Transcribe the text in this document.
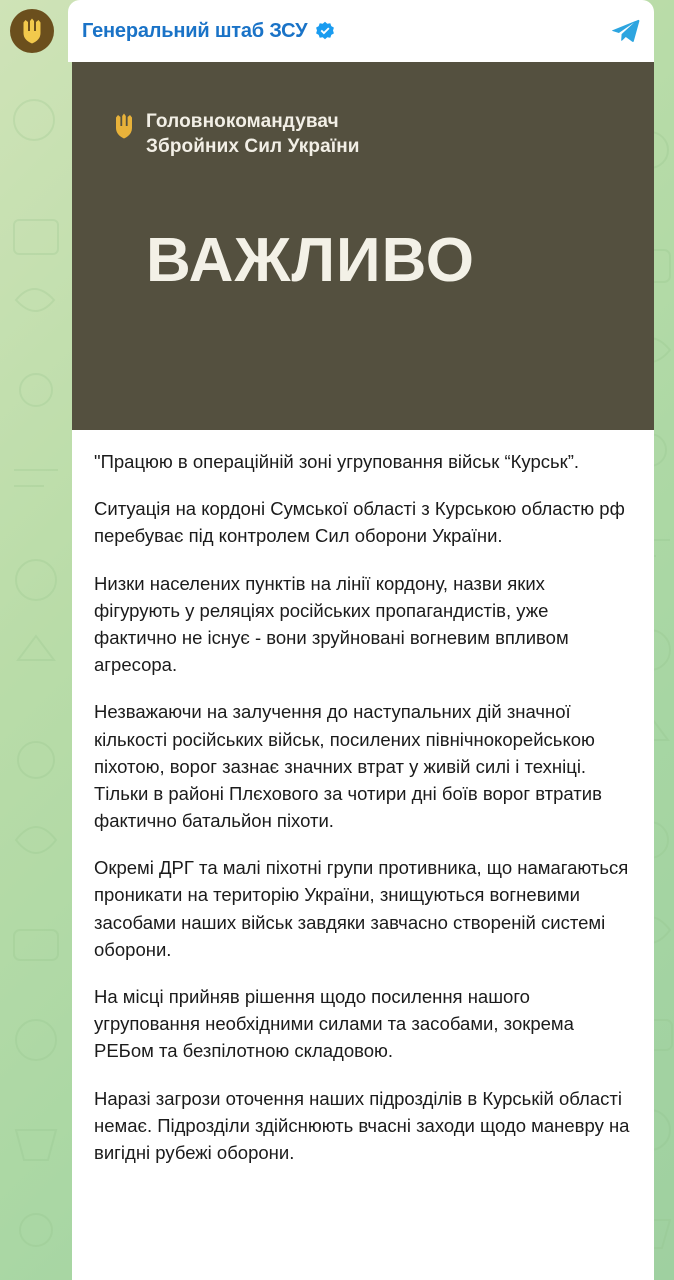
Генеральний штаб ЗСУ
Головнокомандувач
Збройних Сил України
ВАЖЛИВО

"Працюю в операційній зоні угруповання військ “Курськ”.

Ситуація на кордоні Сумської області з Курською областю рф перебуває під контролем Сил оборони України.

Низки населених пунктів на лінії кордону, назви яких фігурують у реляціях російських пропагандистів, уже фактично не існує - вони зруйновані вогневим впливом агресора.

Незважаючи на залучення до наступальних дій значної кількості російських військ, посилених північнокорейською піхотою, ворог зазнає значних втрат у живій силі і техніці. Тільки в районі Плєхового за чотири дні боїв ворог втратив фактично батальйон піхоти.

Окремі ДРГ та малі піхотні групи противника, що намагаються проникати на територію України, знищуються вогневими засобами наших військ завдяки завчасно створеній системі оборони.

На місці прийняв рішення щодо посилення нашого угруповання необхідними силами та засобами, зокрема РЕБом та безпілотною складовою.

Наразі загрози оточення наших підрозділів в Курській області немає. Підрозділи здійснюють вчасні заходи щодо маневру на вигідні рубежі оборони.
